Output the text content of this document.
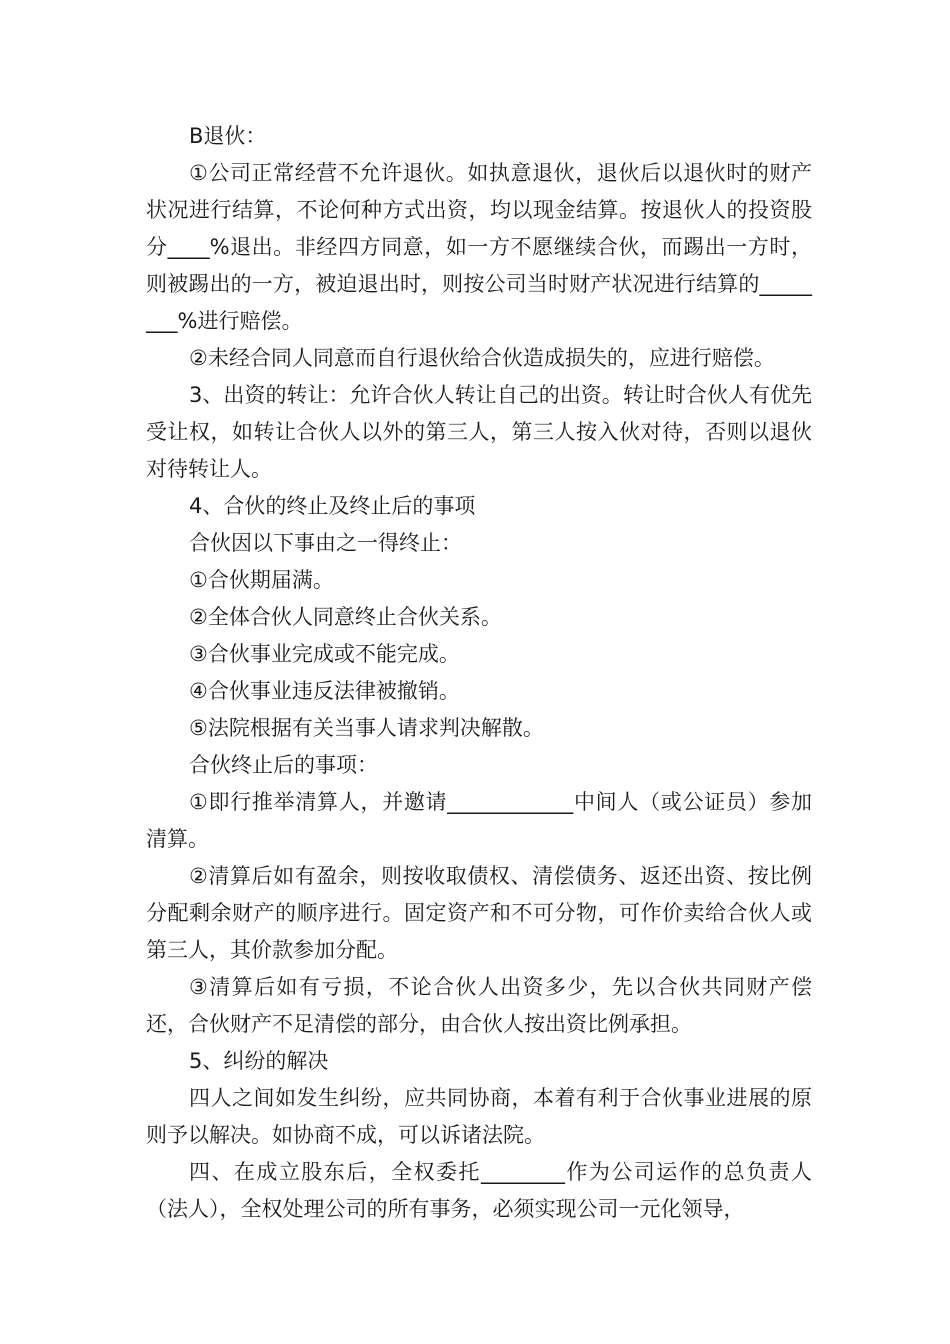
B退伙：

①公司正常经营不允许退伙。如执意退伙，退伙后以退伙时的财产状况进行结算，不论何种方式出资，均以现金结算。按退伙人的投资股分____%退出。非经四方同意，如一方不愿继续合伙，而踢出一方时，则被踢出的一方，被迫退出时，则按公司当时财产状况进行结算的________%进行赔偿。

②未经合同人同意而自行退伙给合伙造成损失的，应进行赔偿。

3、出资的转让：允许合伙人转让自己的出资。转让时合伙人有优先受让权，如转让合伙人以外的第三人，第三人按入伙对待，否则以退伙对待转让人。

4、合伙的终止及终止后的事项

合伙因以下事由之一得终止：

①合伙期届满。

②全体合伙人同意终止合伙关系。

③合伙事业完成或不能完成。

④合伙事业违反法律被撤销。

⑤法院根据有关当事人请求判决解散。

合伙终止后的事项：

①即行推举清算人，并邀请____________中间人（或公证员）参加清算。

②清算后如有盈余，则按收取债权、清偿债务、返还出资、按比例分配剩余财产的顺序进行。固定资产和不可分物，可作价卖给合伙人或第三人，其价款参加分配。

③清算后如有亏损，不论合伙人出资多少，先以合伙共同财产偿还，合伙财产不足清偿的部分，由合伙人按出资比例承担。

5、纠纷的解决

四人之间如发生纠纷，应共同协商，本着有利于合伙事业进展的原则予以解决。如协商不成，可以诉诸法院。

四、在成立股东后，全权委托________作为公司运作的总负责人（法人），全权处理公司的所有事务，必须实现公司一元化领导，
